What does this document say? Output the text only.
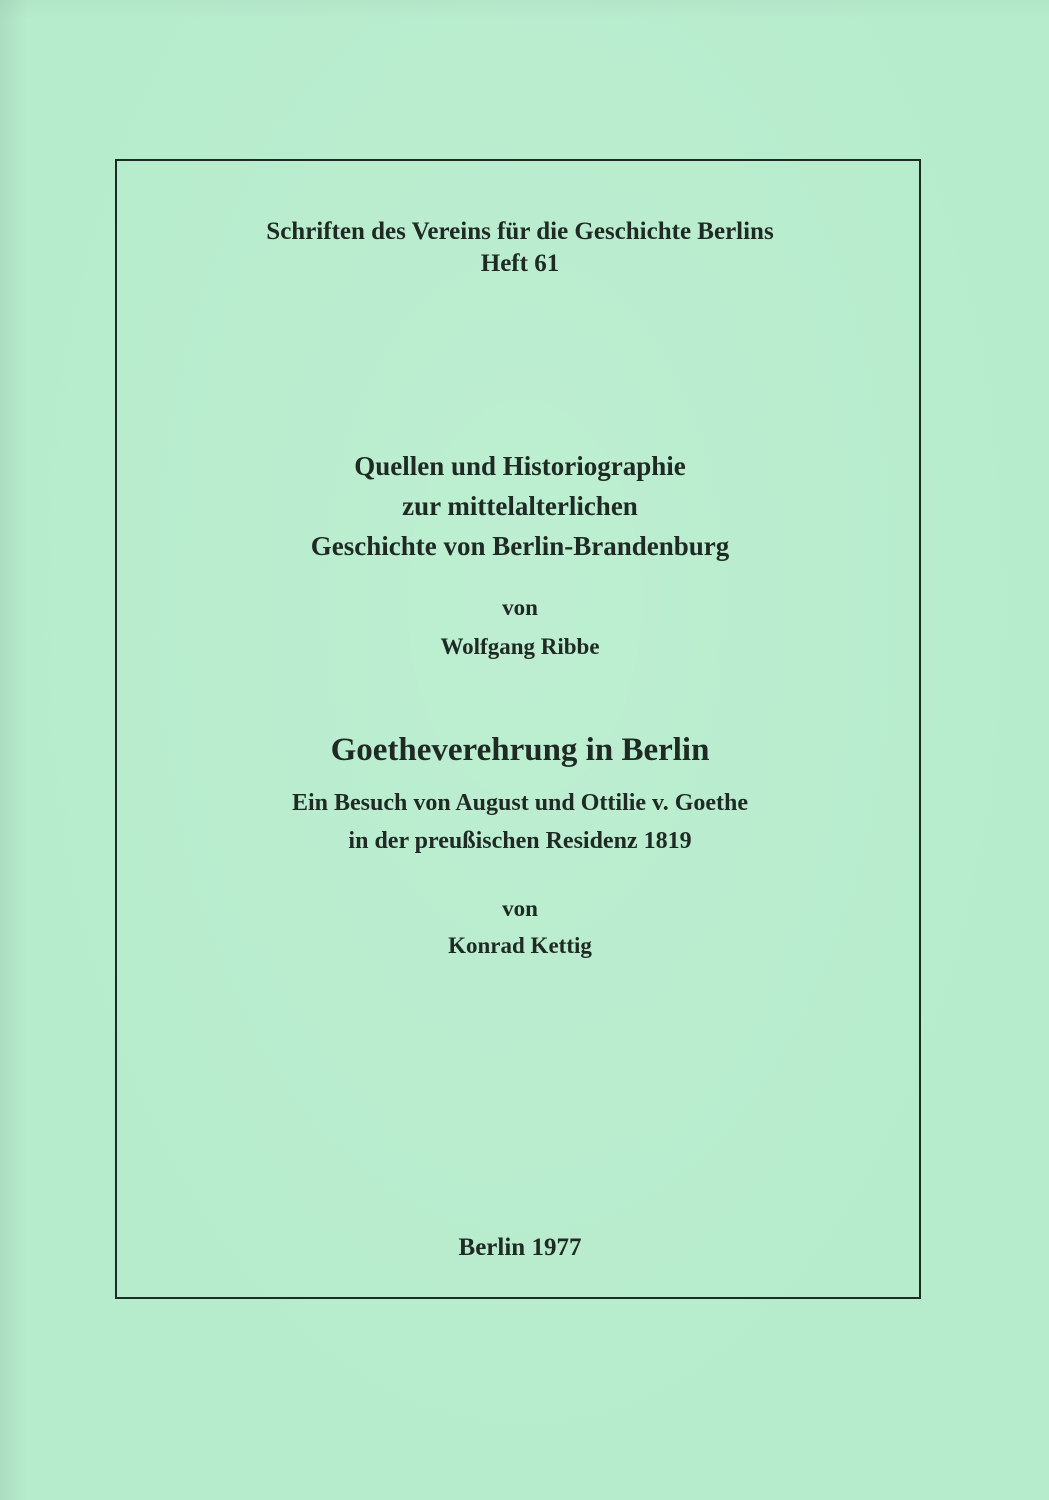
Schriften des Vereins für die Geschichte Berlins
Heft 61
Quellen und Historiographie
zur mittelalterlichen
Geschichte von Berlin-Brandenburg
von
Wolfgang Ribbe
Goetheverehrung in Berlin
Ein Besuch von August und Ottilie v. Goethe
in der preußischen Residenz 1819
von
Konrad Kettig
Berlin 1977
